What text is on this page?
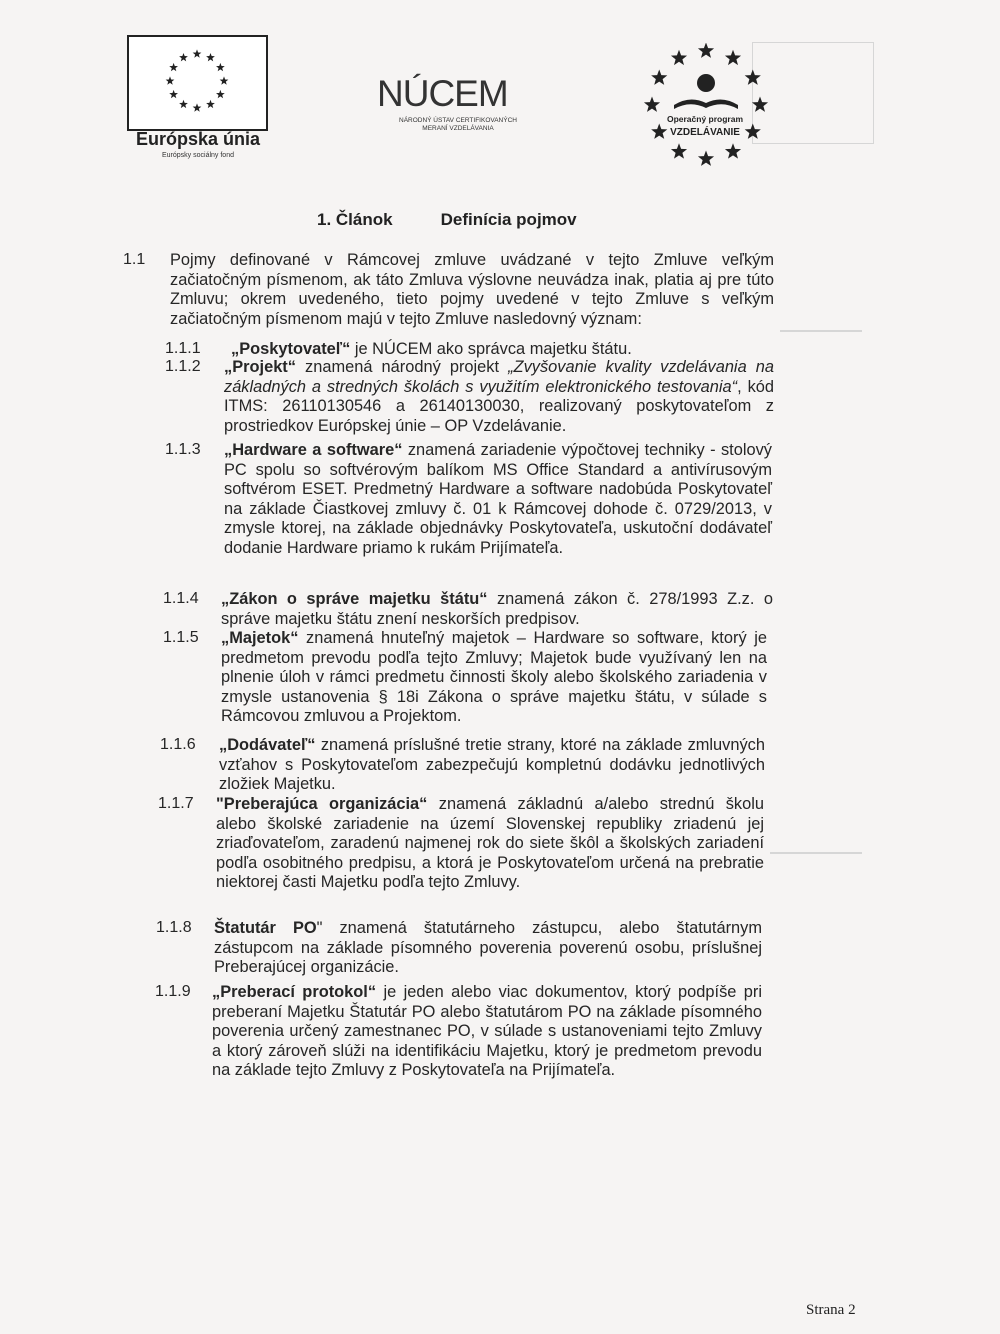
Európska únia
Európsky sociálny fond
NÚCEM
NÁRODNÝ ÚSTAV CERTIFIKOVANÝCH
MERANÍ VZDELÁVANIA
Operačný program
VZDELÁVANIE
1. Článok	Definícia pojmov
1.1 Pojmy definované v Rámcovej zmluve uvádzané v tejto Zmluve veľkým začiatočným písmenom, ak táto Zmluva výslovne neuvádza inak, platia aj pre túto Zmluvu; okrem uvedeného, tieto pojmy uvedené v tejto Zmluve s veľkým začiatočným písmenom majú v tejto Zmluve nasledovný význam:
1.1.1 „Poskytovateľ“ je NÚCEM ako správca majetku štátu.
1.1.2 „Projekt“ znamená národný projekt „Zvyšovanie kvality vzdelávania na základných a stredných školách s využitím elektronického testovania“, kód ITMS: 26110130546 a 26140130030, realizovaný poskytovateľom z prostriedkov Európskej únie – OP Vzdelávanie.
1.1.3 „Hardware a software“ znamená zariadenie výpočtovej techniky - stolový PC spolu so softvérovým balíkom MS Office Standard a antivírusovým softvérom ESET. Predmetný Hardware a software nadobúda Poskytovateľ na základe Čiastkovej zmluvy č. 01 k Rámcovej dohode č. 0729/2013, v zmysle ktorej, na základe objednávky Poskytovateľa, uskutoční dodávateľ dodanie Hardware priamo k rukám Prijímateľa.
1.1.4 „Zákon o správe majetku štátu“ znamená zákon č. 278/1993 Z.z. o správe majetku štátu znení neskorších predpisov.
1.1.5 „Majetok“ znamená hnuteľný majetok – Hardware so software, ktorý je predmetom prevodu podľa tejto Zmluvy; Majetok bude využívaný len na plnenie úloh v rámci predmetu činnosti školy alebo školského zariadenia v zmysle ustanovenia § 18i Zákona o správe majetku štátu, v súlade s Rámcovou zmluvou a Projektom.
1.1.6 „Dodávateľ“ znamená príslušné tretie strany, ktoré na základe zmluvných vzťahov s Poskytovateľom zabezpečujú kompletnú dodávku jednotlivých zložiek Majetku.
1.1.7 "Preberajúca organizácia“ znamená základnú a/alebo strednú školu alebo školské zariadenie na území Slovenskej republiky zriadenú jej zriaďovateľom, zaradenú najmenej rok do siete škôl a školských zariadení podľa osobitného predpisu, a ktorá je Poskytovateľom určená na prebratie niektorej časti Majetku podľa tejto Zmluvy.
1.1.8 Štatutár PO" znamená štatutárneho zástupcu, alebo štatutárnym zástupcom na základe písomného poverenia poverenú osobu, príslušnej Preberajúcej organizácie.
1.1.9 „Preberací protokol“ je jeden alebo viac dokumentov, ktorý podpíše pri preberaní Majetku Štatutár PO alebo štatutárom PO na základe písomného poverenia určený zamestnanec PO, v súlade s ustanoveniami tejto Zmluvy a ktorý zároveň slúži na identifikáciu Majetku, ktorý je predmetom prevodu na základe tejto Zmluvy z Poskytovateľa na Prijímateľa.
Strana 2
